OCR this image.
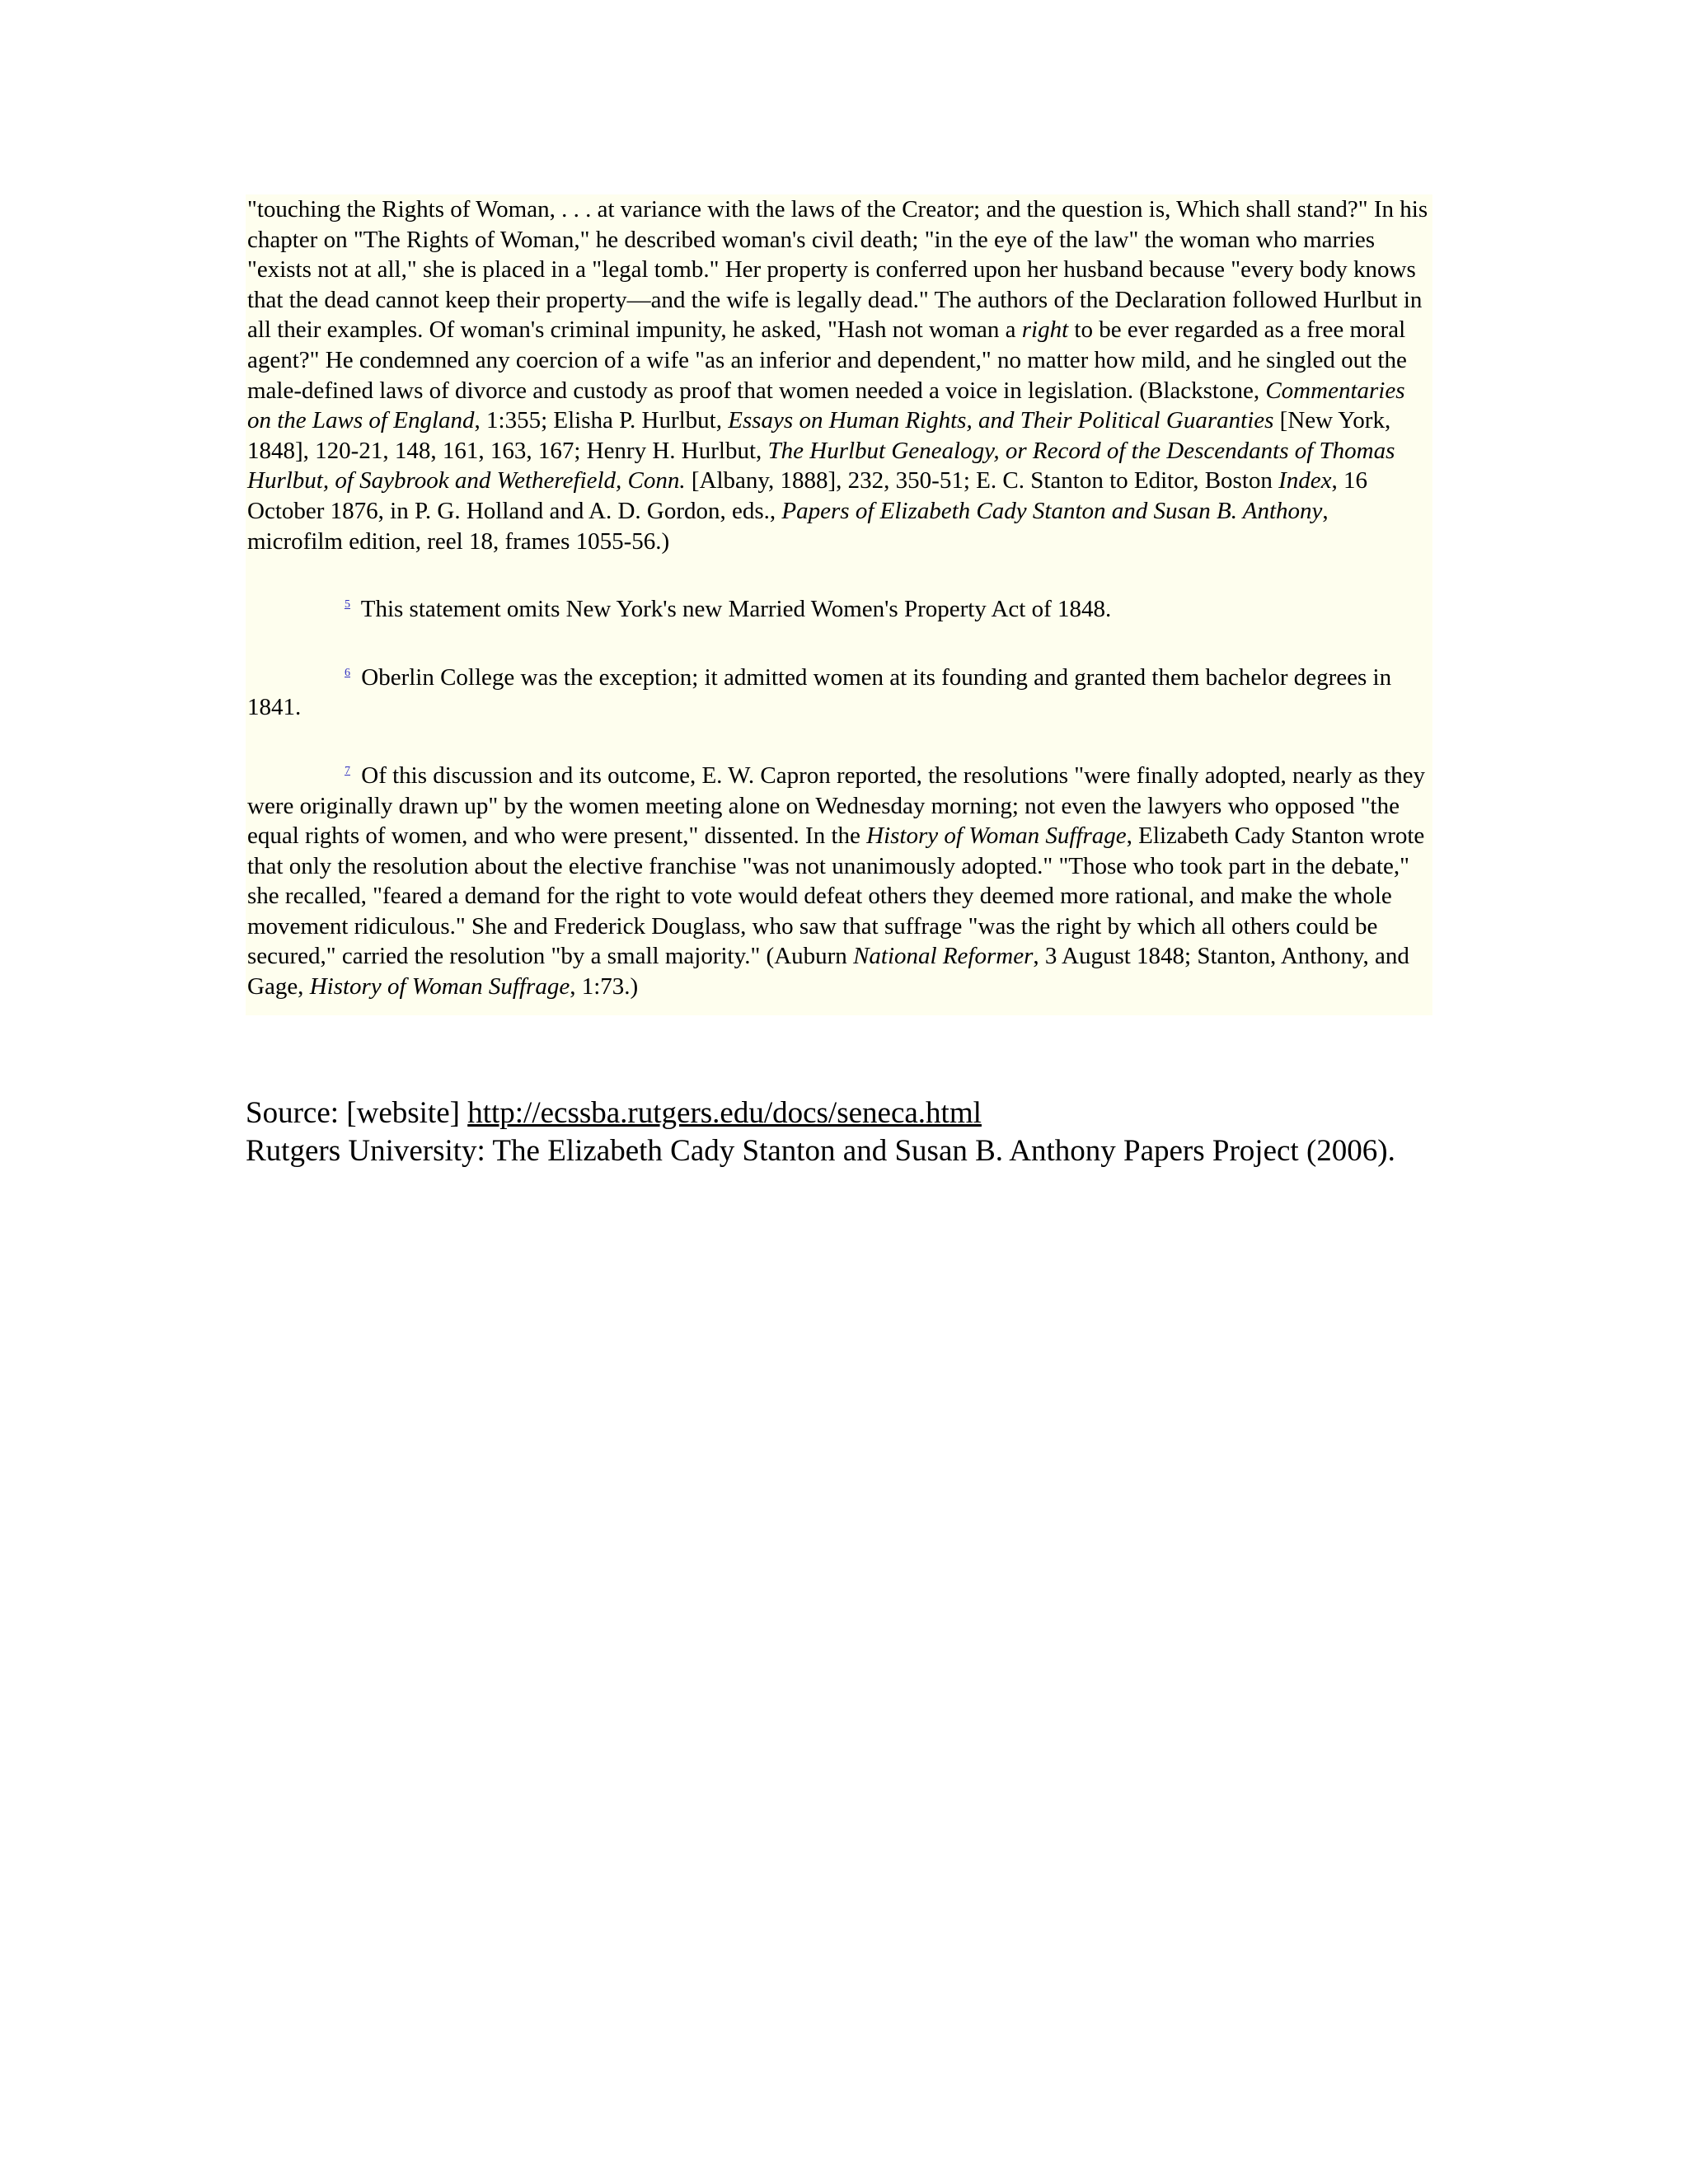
"touching the Rights of Woman, . . . at variance with the laws of the Creator; and the question is, Which shall stand?" In his chapter on "The Rights of Woman," he described woman's civil death; "in the eye of the law" the woman who marries "exists not at all," she is placed in a "legal tomb." Her property is conferred upon her husband because "every body knows that the dead cannot keep their property—and the wife is legally dead." The authors of the Declaration followed Hurlbut in all their examples. Of woman's criminal impunity, he asked, "Hash not woman a right to be ever regarded as a free moral agent?" He condemned any coercion of a wife "as an inferior and dependent," no matter how mild, and he singled out the male-defined laws of divorce and custody as proof that women needed a voice in legislation. (Blackstone, Commentaries on the Laws of England, 1:355; Elisha P. Hurlbut, Essays on Human Rights, and Their Political Guaranties [New York, 1848], 120-21, 148, 161, 163, 167; Henry H. Hurlbut, The Hurlbut Genealogy, or Record of the Descendants of Thomas Hurlbut, of Saybrook and Wetherefield, Conn. [Albany, 1888], 232, 350-51; E. C. Stanton to Editor, Boston Index, 16 October 1876, in P. G. Holland and A. D. Gordon, eds., Papers of Elizabeth Cady Stanton and Susan B. Anthony, microfilm edition, reel 18, frames 1055-56.)

$^5$ This statement omits New York's new Married Women's Property Act of 1848.

$^6$ Oberlin College was the exception; it admitted women at its founding and granted them bachelor degrees in 1841.

$^7$ Of this discussion and its outcome, E. W. Capron reported, the resolutions "were finally adopted, nearly as they were originally drawn up" by the women meeting alone on Wednesday morning; not even the lawyers who opposed "the equal rights of women, and who were present," dissented. In the History of Woman Suffrage, Elizabeth Cady Stanton wrote that only the resolution about the elective franchise "was not unanimously adopted." "Those who took part in the debate," she recalled, "feared a demand for the right to vote would defeat others they deemed more rational, and make the whole movement ridiculous." She and Frederick Douglass, who saw that suffrage "was the right by which all others could be secured," carried the resolution "by a small majority." (Auburn National Reformer, 3 August 1848; Stanton, Anthony, and Gage, History of Woman Suffrage, 1:73.)

Source: [website] http://ecssba.rutgers.edu/docs/seneca.html
Rutgers University: The Elizabeth Cady Stanton and Susan B. Anthony Papers Project (2006).
